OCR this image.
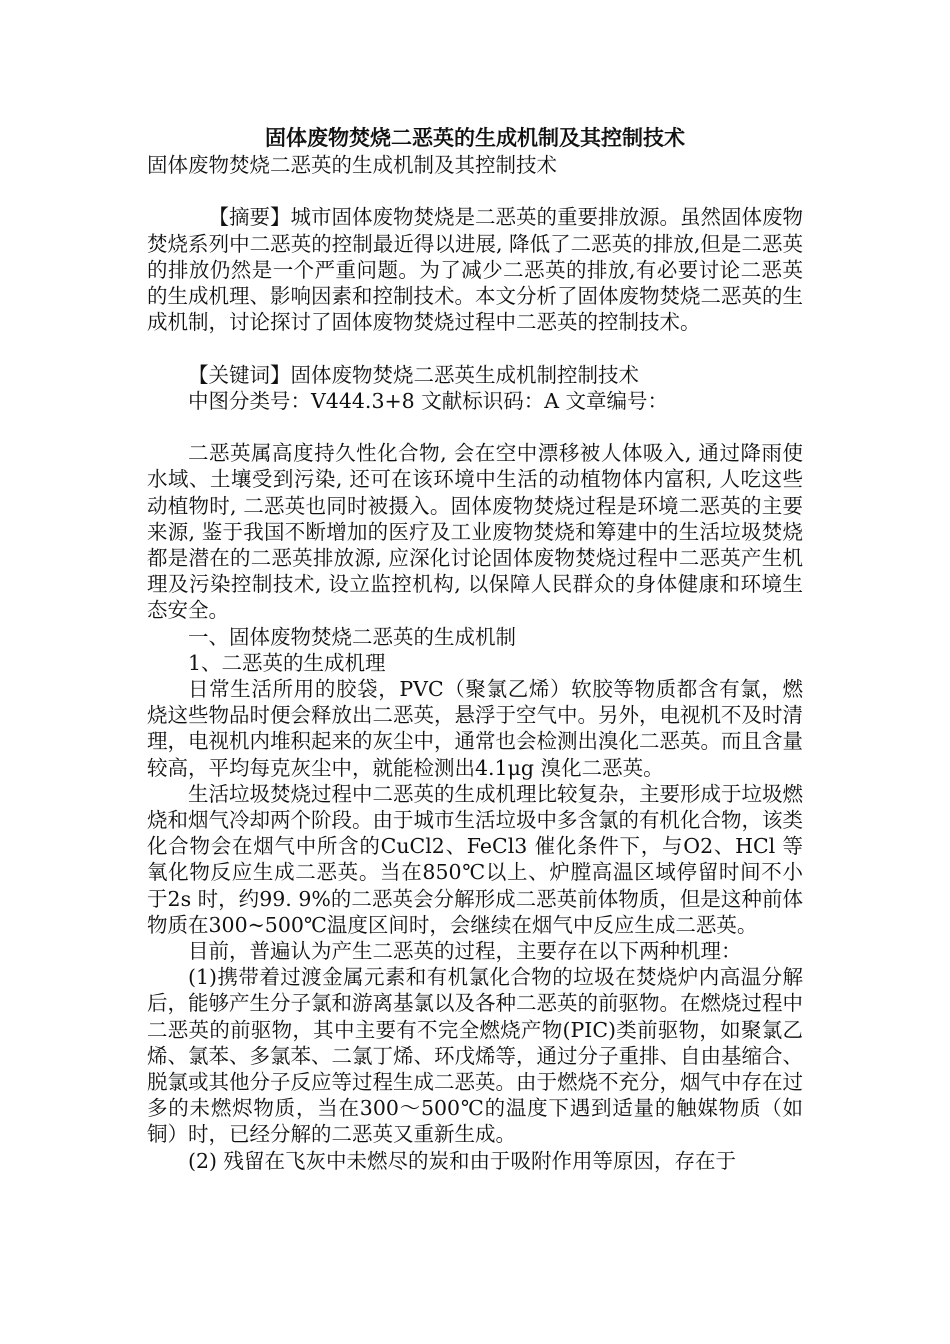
固体废物焚烧二恶英的生成机制及其控制技术

固体废物焚烧二恶英的生成机制及其控制技术

【摘要】城市固体废物焚烧是二恶英的重要排放源。虽然固体废物焚烧系列中二恶英的控制最近得以进展, 降低了二恶英的排放,但是二恶英的排放仍然是一个严重问题。为了减少二恶英的排放,有必要讨论二恶英的生成机理、影响因素和控制技术。本文分析了固体废物焚烧二恶英的生成机制，讨论探讨了固体废物焚烧过程中二恶英的控制技术。

【关键词】固体废物焚烧二恶英生成机制控制技术

中图分类号：V444.3+8 文献标识码：A 文章编号：

二恶英属高度持久性化合物, 会在空中漂移被人体吸入, 通过降雨使水域、土壤受到污染, 还可在该环境中生活的动植物体内富积, 人吃这些动植物时, 二恶英也同时被摄入。固体废物焚烧过程是环境二恶英的主要来源, 鉴于我国不断增加的医疗及工业废物焚烧和筹建中的生活垃圾焚烧都是潜在的二恶英排放源, 应深化讨论固体废物焚烧过程中二恶英产生机理及污染控制技术, 设立监控机构, 以保障人民群众的身体健康和环境生态安全。

一、固体废物焚烧二恶英的生成机制

1、二恶英的生成机理

日常生活所用的胶袋，PVC（聚氯乙烯）软胶等物质都含有氯，燃烧这些物品时便会释放出二恶英，悬浮于空气中。另外，电视机不及时清理，电视机内堆积起来的灰尘中，通常也会检测出溴化二恶英。而且含量较高，平均每克灰尘中，就能检测出4.1μg 溴化二恶英。

生活垃圾焚烧过程中二恶英的生成机理比较复杂，主要形成于垃圾燃烧和烟气冷却两个阶段。由于城市生活垃圾中多含氯的有机化合物，该类化合物会在烟气中所含的CuCl2、FeCl3 催化条件下，与O2、HCl 等氧化物反应生成二恶英。当在850℃以上、炉膛高温区域停留时间不小于2s 时，约99. 9%的二恶英会分解形成二恶英前体物质，但是这种前体物质在300~500℃温度区间时，会继续在烟气中反应生成二恶英。

目前，普遍认为产生二恶英的过程，主要存在以下两种机理：

(1)携带着过渡金属元素和有机氯化合物的垃圾在焚烧炉内高温分解后，能够产生分子氯和游离基氯以及各种二恶英的前驱物。在燃烧过程中二恶英的前驱物，其中主要有不完全燃烧产物(PIC)类前驱物，如聚氯乙烯、氯苯、多氯苯、二氯丁烯、环戊烯等，通过分子重排、自由基缩合、脱氯或其他分子反应等过程生成二恶英。由于燃烧不充分，烟气中存在过多的未燃烬物质，当在300～500℃的温度下遇到适量的触媒物质（如铜）时，已经分解的二恶英又重新生成。

(2) 残留在飞灰中未燃尽的炭和由于吸附作用等原因，存在于
